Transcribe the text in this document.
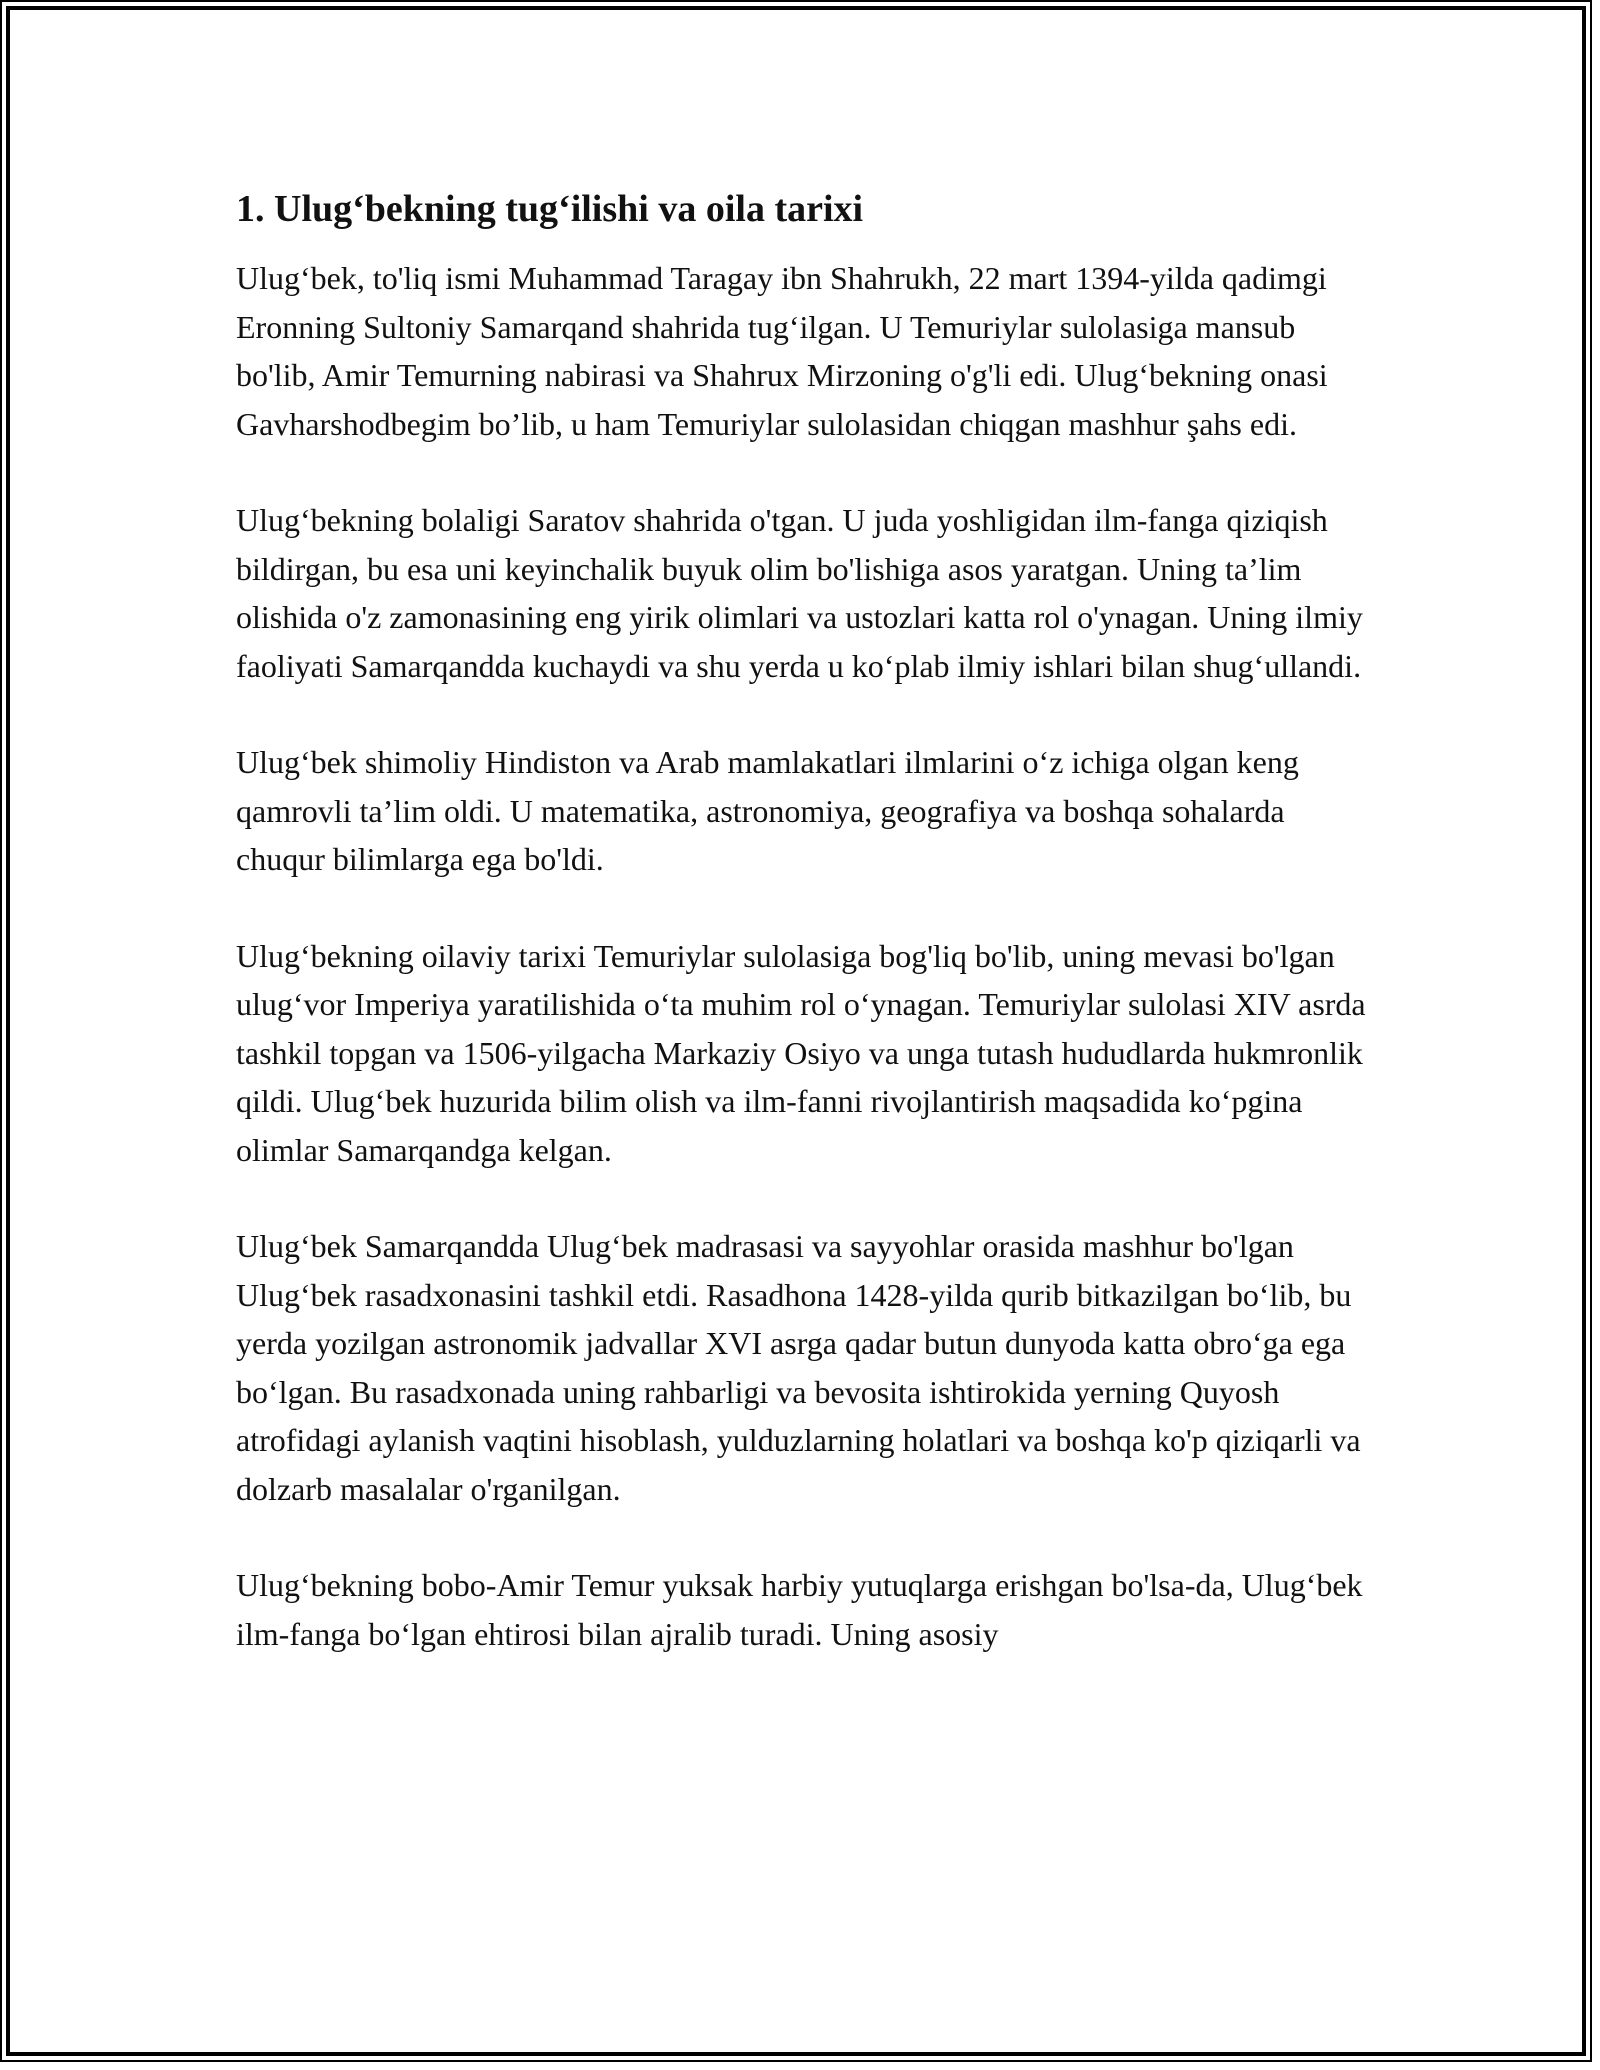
1. Ulug‘bekning tug‘ilishi va oila tarixi

Ulug‘bek, to'liq ismi Muhammad Taragay ibn Shahrukh, 22 mart 1394-yilda qadimgi Eronning Sultoniy Samarqand shahrida tug‘ilgan. U Temuriylar sulolasiga mansub bo'lib, Amir Temurning nabirasi va Shahrux Mirzoning o'g'li edi. Ulug‘bekning onasi Gavharshodbegim bo’lib, u ham Temuriylar sulolasidan chiqgan mashhur şahs edi.

Ulug‘bekning bolaligi Saratov shahrida o'tgan. U juda yoshligidan ilm-fanga qiziqish bildirgan, bu esa uni keyinchalik buyuk olim bo'lishiga asos yaratgan. Uning ta’lim olishida o'z zamonasining eng yirik olimlari va ustozlari katta rol o'ynagan. Uning ilmiy faoliyati Samarqandda kuchaydi va shu yerda u ko‘plab ilmiy ishlari bilan shug‘ullandi.

Ulug‘bek shimoliy Hindiston va Arab mamlakatlari ilmlarini o‘z ichiga olgan keng qamrovli ta’lim oldi. U matematika, astronomiya, geografiya va boshqa sohalarda chuqur bilimlarga ega bo'ldi.

Ulug‘bekning oilaviy tarixi Temuriylar sulolasiga bog'liq bo'lib, uning mevasi bo'lgan ulug‘vor Imperiya yaratilishida o‘ta muhim rol o‘ynagan. Temuriylar sulolasi XIV asrda tashkil topgan va 1506-yilgacha Markaziy Osiyo va unga tutash hududlarda hukmronlik qildi. Ulug‘bek huzurida bilim olish va ilm-fanni rivojlantirish maqsadida ko‘pgina olimlar Samarqandga kelgan.

Ulug‘bek Samarqandda Ulug‘bek madrasasi va sayyohlar orasida mashhur bo'lgan Ulug‘bek rasadxonasini tashkil etdi. Rasadhona 1428-yilda qurib bitkazilgan bo‘lib, bu yerda yozilgan astronomik jadvallar XVI asrga qadar butun dunyoda katta obro‘ga ega bo‘lgan. Bu rasadxonada uning rahbarligi va bevosita ishtirokida yerning Quyosh atrofidagi aylanish vaqtini hisoblash, yulduzlarning holatlari va boshqa ko'p qiziqarli va dolzarb masalalar o'rganilgan.

Ulug‘bekning bobo-Amir Temur yuksak harbiy yutuqlarga erishgan bo'lsa-da, Ulug‘bek ilm-fanga bo‘lgan ehtirosi bilan ajralib turadi. Uning asosiy
